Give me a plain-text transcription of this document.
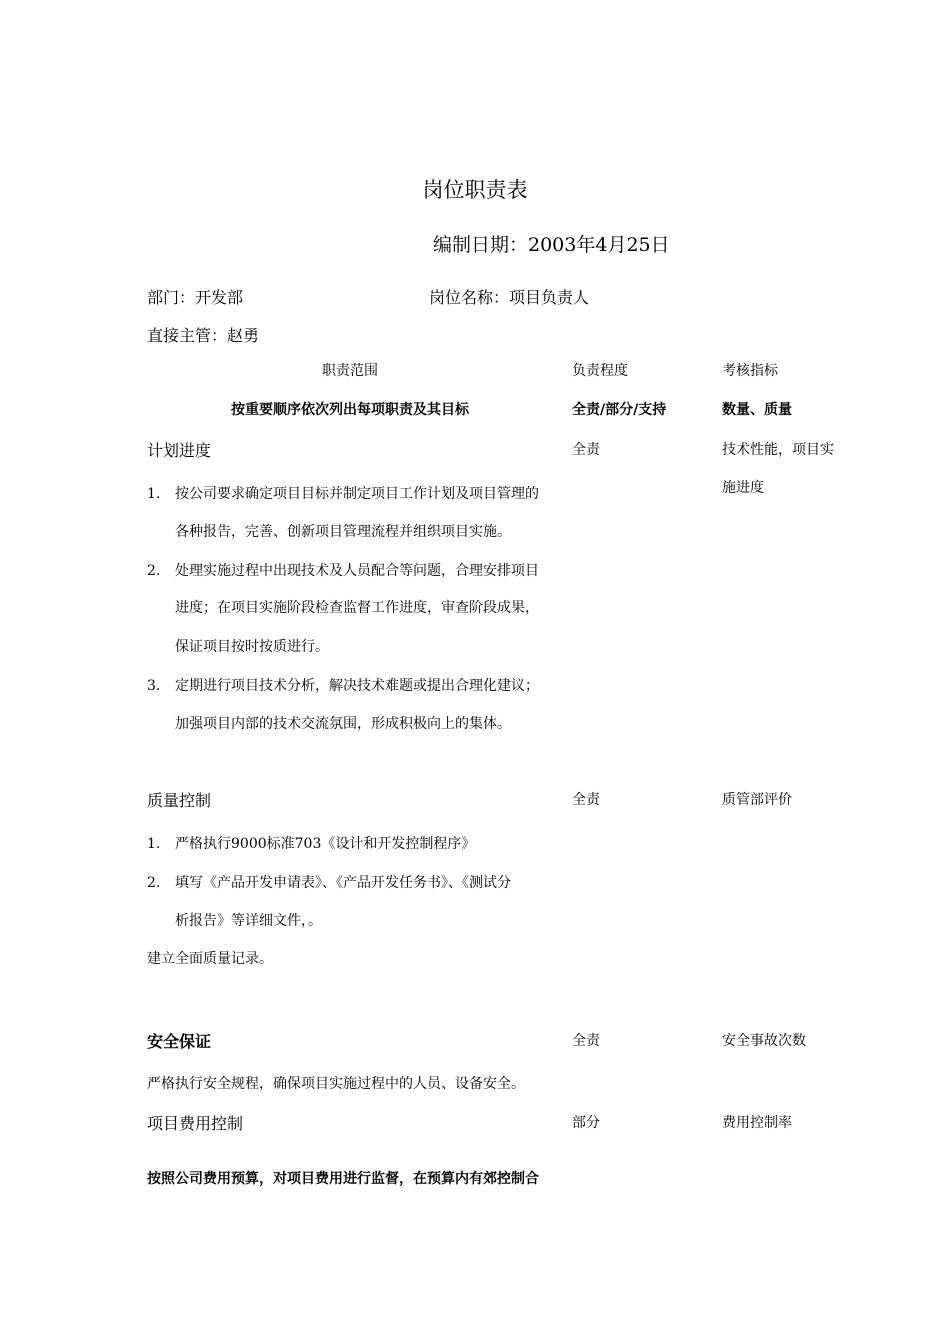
岗位职责表
编制日期：2003年4月25日
部门：开发部	岗位名称：项目负责人
直接主管：赵勇
职责范围	负责程度	考核指标
按重要顺序依次列出每项职责及其目标	全责/部分/支持	数量、质量
计划进度	全责	技术性能，项目实
施进度
1. 按公司要求确定项目目标并制定项目工作计划及项目管理的
各种报告，完善、创新项目管理流程并组织项目实施。
2. 处理实施过程中出现技术及人员配合等问题，合理安排项目
进度；在项目实施阶段检查监督工作进度，审查阶段成果，
保证项目按时按质进行。
3. 定期进行项目技术分析，解决技术难题或提出合理化建议；
加强项目内部的技术交流氛围，形成积极向上的集体。
质量控制	全责	质管部评价
1. 严格执行9000标准703《设计和开发控制程序》
2. 填写《产品开发申请表》、《产品开发任务书》、《测试分
析报告》等详细文件，。
建立全面质量记录。
安全保证	全责	安全事故次数
严格执行安全规程，确保项目实施过程中的人员、设备安全。
项目费用控制	部分	费用控制率
按照公司费用预算，对项目费用进行监督，在预算内有郊控制合
